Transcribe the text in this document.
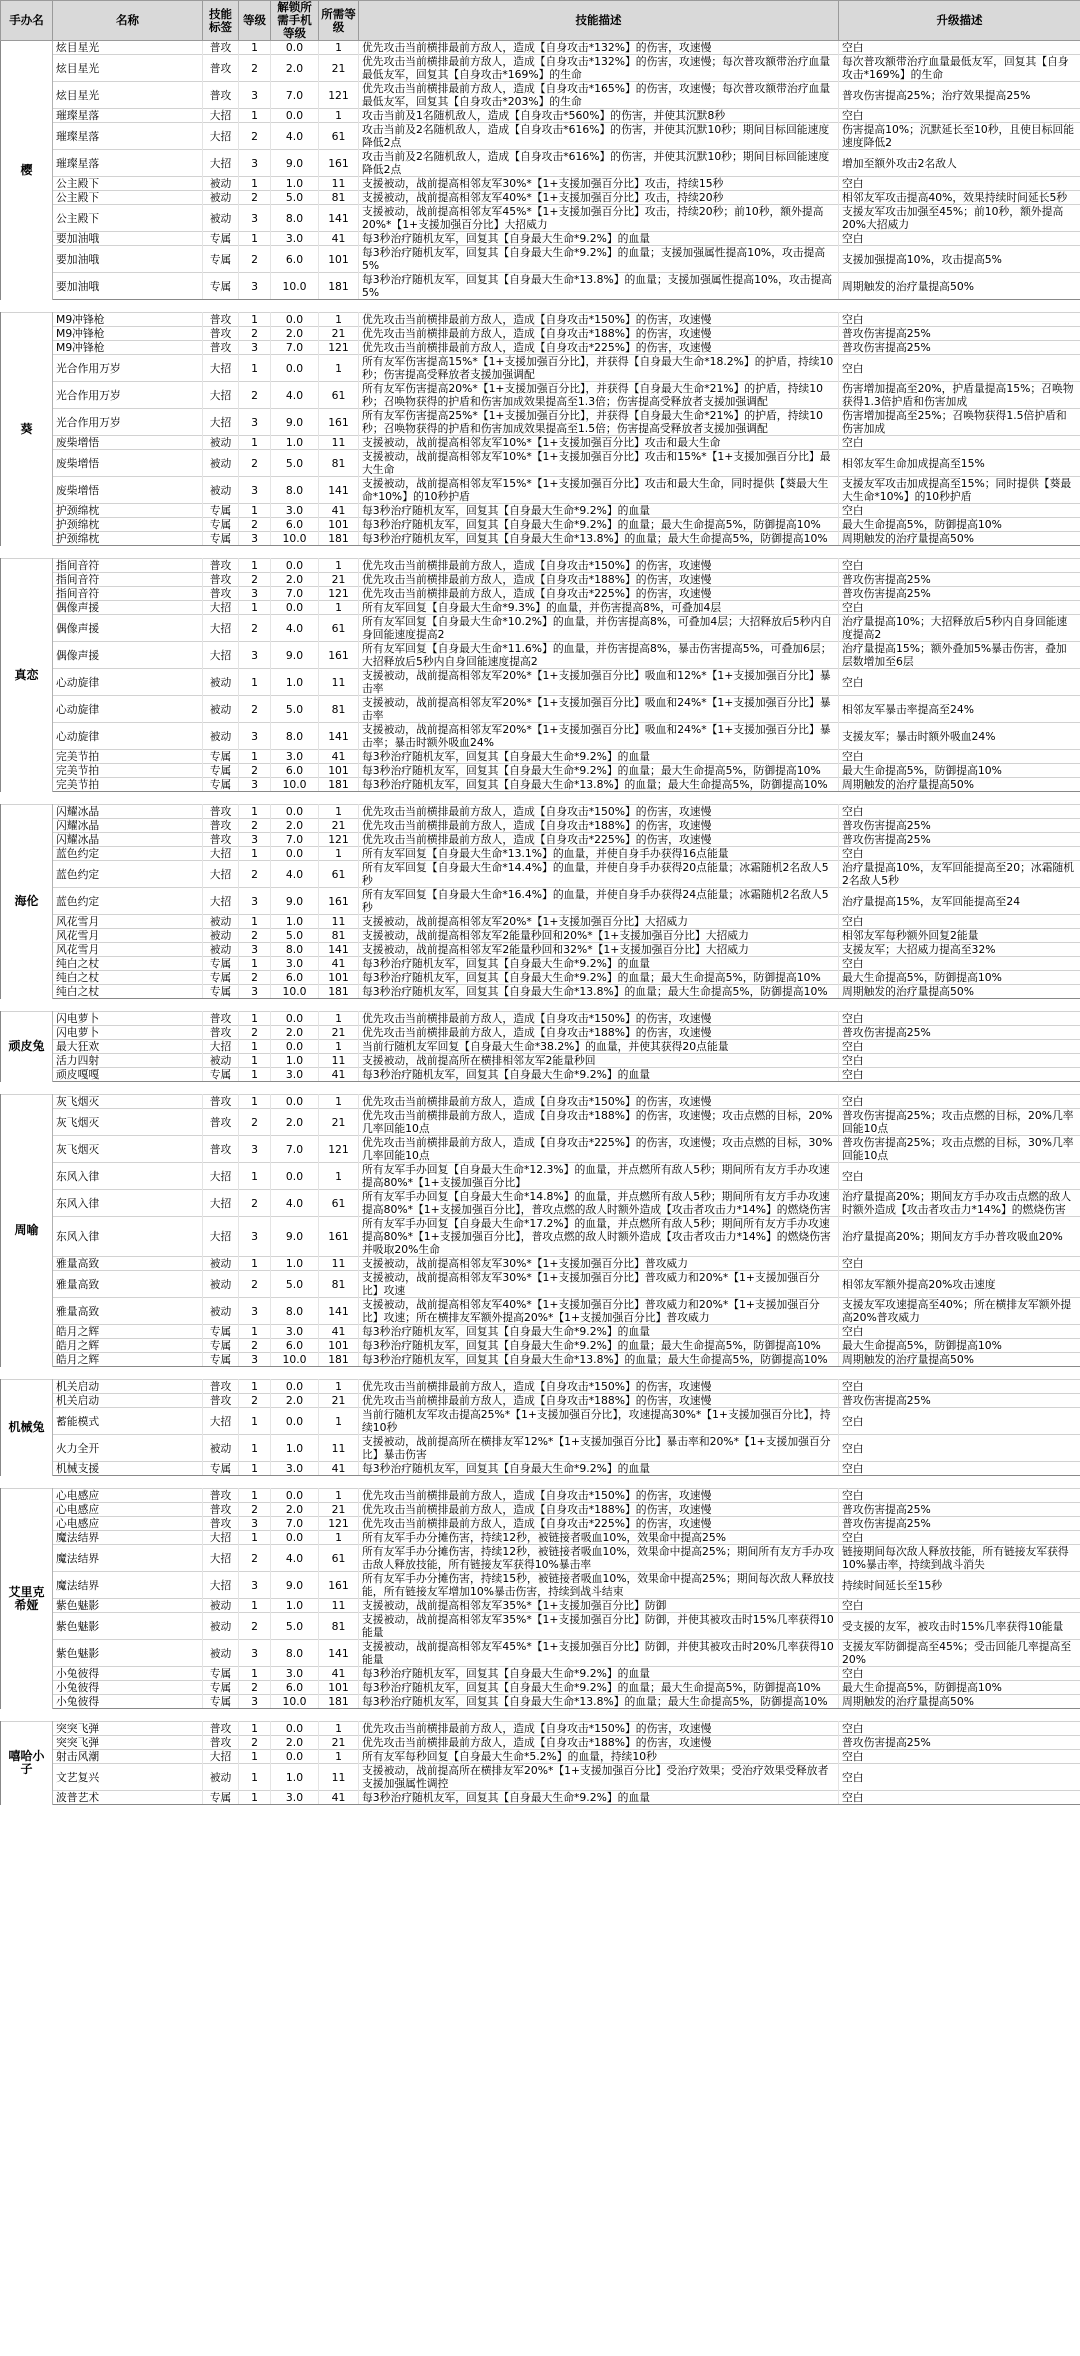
手办名	名称	技能标签	等级	解锁所需手机等级	所需等级	技能描述	升级描述
樱	炫目星光	普攻	1	0.0	1	优先攻击当前横排最前方敌人，造成【自身攻击*132%】的伤害，攻速慢	空白
	炫目星光	普攻	2	2.0	21	优先攻击当前横排最前方敌人，造成【自身攻击*132%】的伤害，攻速慢；每次普攻额带治疗血量最低友军，回复其【自身攻击*169%】的生命	每次普攻额带治疗血量最低友军，回复其【自身攻击*169%】的生命
	炫目星光	普攻	3	7.0	121	优先攻击当前横排最前方敌人，造成【自身攻击*165%】的伤害，攻速慢；每次普攻额带治疗血量最低友军，回复其【自身攻击*203%】的生命	普攻伤害提高25%；治疗效果提高25%
	璀璨星落	大招	1	0.0	1	攻击当前及1名随机敌人，造成【自身攻击*560%】的伤害，并使其沉默8秒	空白
	璀璨星落	大招	2	4.0	61	攻击当前及2名随机敌人，造成【自身攻击*616%】的伤害，并使其沉默10秒；期间目标回能速度降低2点	伤害提高10%；沉默延长至10秒，且使目标回能速度降低2
	璀璨星落	大招	3	9.0	161	攻击当前及2名随机敌人，造成【自身攻击*616%】的伤害，并使其沉默10秒；期间目标回能速度降低2点	增加至额外攻击2名敌人
	公主殿下	被动	1	1.0	11	支援被动，战前提高相邻友军30%*【1+支援加强百分比】攻击，持续15秒	空白
	公主殿下	被动	2	5.0	81	支援被动，战前提高相邻友军40%*【1+支援加强百分比】攻击，持续20秒	相邻友军攻击提高40%，效果持续时间延长5秒
	公主殿下	被动	3	8.0	141	支援被动，战前提高相邻友军45%*【1+支援加强百分比】攻击，持续20秒；前10秒，额外提高20%*【1+支援加强百分比】大招威力	支援友军攻击加强至45%；前10秒，额外提高20%大招威力
	要加油哦	专属	1	3.0	41	每3秒治疗随机友军，回复其【自身最大生命*9.2%】的血量	空白
	要加油哦	专属	2	6.0	101	每3秒治疗随机友军，回复其【自身最大生命*9.2%】的血量；支援加强属性提高10%，攻击提高5%	支援加强提高10%，攻击提高5%
	要加油哦	专属	3	10.0	181	每3秒治疗随机友军，回复其【自身最大生命*13.8%】的血量；支援加强属性提高10%，攻击提高5%	周期触发的治疗量提高50%

葵	M9冲锋枪	普攻	1	0.0	1	优先攻击当前横排最前方敌人，造成【自身攻击*150%】的伤害，攻速慢	空白
	M9冲锋枪	普攻	2	2.0	21	优先攻击当前横排最前方敌人，造成【自身攻击*188%】的伤害，攻速慢	普攻伤害提高25%
	M9冲锋枪	普攻	3	7.0	121	优先攻击当前横排最前方敌人，造成【自身攻击*225%】的伤害，攻速慢	普攻伤害提高25%
	光合作用万岁	大招	1	0.0	1	所有友军伤害提高15%*【1+支援加强百分比】，并获得【自身最大生命*18.2%】的护盾，持续10秒；伤害提高受释放者支援加强调配	空白
	光合作用万岁	大招	2	4.0	61	所有友军伤害提高20%*【1+支援加强百分比】，并获得【自身最大生命*21%】的护盾，持续10秒；召唤物获得的护盾和伤害加成效果提高至1.3倍；伤害提高受释放者支援加强调配	伤害增加提高至20%，护盾量提高15%；召唤物获得1.3倍护盾和伤害加成
	光合作用万岁	大招	3	9.0	161	所有友军伤害提高25%*【1+支援加强百分比】，并获得【自身最大生命*21%】的护盾，持续10秒；召唤物获得的护盾和伤害加成效果提高至1.5倍；伤害提高受释放者支援加强调配	伤害增加提高至25%；召唤物获得1.5倍护盾和伤害加成
	废柴增悟	被动	1	1.0	11	支援被动，战前提高相邻友军10%*【1+支援加强百分比】攻击和最大生命	空白
	废柴增悟	被动	2	5.0	81	支援被动，战前提高相邻友军10%*【1+支援加强百分比】攻击和15%*【1+支援加强百分比】最大生命	相邻友军生命加成提高至15%
	废柴增悟	被动	3	8.0	141	支援被动，战前提高相邻友军15%*【1+支援加强百分比】攻击和最大生命，同时提供【葵最大生命*10%】的10秒护盾	支援友军攻击加成提高至15%；同时提供【葵最大生命*10%】的10秒护盾
	护颈绵枕	专属	1	3.0	41	每3秒治疗随机友军，回复其【自身最大生命*9.2%】的血量	空白
	护颈绵枕	专属	2	6.0	101	每3秒治疗随机友军，回复其【自身最大生命*9.2%】的血量；最大生命提高5%，防御提高10%	最大生命提高5%，防御提高10%
	护颈绵枕	专属	3	10.0	181	每3秒治疗随机友军，回复其【自身最大生命*13.8%】的血量；最大生命提高5%，防御提高10%	周期触发的治疗量提高50%

真恋	指间音符	普攻	1	0.0	1	优先攻击当前横排最前方敌人，造成【自身攻击*150%】的伤害，攻速慢	空白
	指间音符	普攻	2	2.0	21	优先攻击当前横排最前方敌人，造成【自身攻击*188%】的伤害，攻速慢	普攻伤害提高25%
	指间音符	普攻	3	7.0	121	优先攻击当前横排最前方敌人，造成【自身攻击*225%】的伤害，攻速慢	普攻伤害提高25%
	偶像声援	大招	1	0.0	1	所有友军回复【自身最大生命*9.3%】的血量，并伤害提高8%，可叠加4层	空白
	偶像声援	大招	2	4.0	61	所有友军回复【自身最大生命*10.2%】的血量，并伤害提高8%，可叠加4层；大招释放后5秒内自身回能速度提高2	治疗量提高10%；大招释放后5秒内自身回能速度提高2
	偶像声援	大招	3	9.0	161	所有友军回复【自身最大生命*11.6%】的血量，并伤害提高8%，暴击伤害提高5%，可叠加6层；大招释放后5秒内自身回能速度提高2	治疗量提高15%；额外叠加5%暴击伤害，叠加层数增加至6层
	心动旋律	被动	1	1.0	11	支援被动，战前提高相邻友军20%*【1+支援加强百分比】吸血和12%*【1+支援加强百分比】暴击率	空白
	心动旋律	被动	2	5.0	81	支援被动，战前提高相邻友军20%*【1+支援加强百分比】吸血和24%*【1+支援加强百分比】暴击率	相邻友军暴击率提高至24%
	心动旋律	被动	3	8.0	141	支援被动，战前提高相邻友军20%*【1+支援加强百分比】吸血和24%*【1+支援加强百分比】暴击率；暴击时额外吸血24%	支援友军；暴击时额外吸血24%
	完美节拍	专属	1	3.0	41	每3秒治疗随机友军，回复其【自身最大生命*9.2%】的血量	空白
	完美节拍	专属	2	6.0	101	每3秒治疗随机友军，回复其【自身最大生命*9.2%】的血量；最大生命提高5%，防御提高10%	最大生命提高5%，防御提高10%
	完美节拍	专属	3	10.0	181	每3秒治疗随机友军，回复其【自身最大生命*13.8%】的血量；最大生命提高5%，防御提高10%	周期触发的治疗量提高50%

海伦	闪耀冰晶	普攻	1	0.0	1	优先攻击当前横排最前方敌人，造成【自身攻击*150%】的伤害，攻速慢	空白
	闪耀冰晶	普攻	2	2.0	21	优先攻击当前横排最前方敌人，造成【自身攻击*188%】的伤害，攻速慢	普攻伤害提高25%
	闪耀冰晶	普攻	3	7.0	121	优先攻击当前横排最前方敌人，造成【自身攻击*225%】的伤害，攻速慢	普攻伤害提高25%
	蓝色约定	大招	1	0.0	1	所有友军回复【自身最大生命*13.1%】的血量，并使自身手办获得16点能量	空白
	蓝色约定	大招	2	4.0	61	所有友军回复【自身最大生命*14.4%】的血量，并使自身手办获得20点能量；冰霜随机2名敌人5秒	治疗量提高10%，友军回能提高至20；冰霜随机2名敌人5秒
	蓝色约定	大招	3	9.0	161	所有友军回复【自身最大生命*16.4%】的血量，并使自身手办获得24点能量；冰霜随机2名敌人5秒	治疗量提高15%，友军回能提高至24
	风花雪月	被动	1	1.0	11	支援被动，战前提高相邻友军20%*【1+支援加强百分比】大招威力	空白
	风花雪月	被动	2	5.0	81	支援被动，战前提高相邻友军2能量秒回和20%*【1+支援加强百分比】大招威力	相邻友军每秒额外回复2能量
	风花雪月	被动	3	8.0	141	支援被动，战前提高相邻友军2能量秒回和32%*【1+支援加强百分比】大招威力	支援友军；大招威力提高至32%
	纯白之杖	专属	1	3.0	41	每3秒治疗随机友军，回复其【自身最大生命*9.2%】的血量	空白
	纯白之杖	专属	2	6.0	101	每3秒治疗随机友军，回复其【自身最大生命*9.2%】的血量；最大生命提高5%，防御提高10%	最大生命提高5%，防御提高10%
	纯白之杖	专属	3	10.0	181	每3秒治疗随机友军，回复其【自身最大生命*13.8%】的血量；最大生命提高5%，防御提高10%	周期触发的治疗量提高50%

顽皮兔	闪电萝卜	普攻	1	0.0	1	优先攻击当前横排最前方敌人，造成【自身攻击*150%】的伤害，攻速慢	空白
	闪电萝卜	普攻	2	2.0	21	优先攻击当前横排最前方敌人，造成【自身攻击*188%】的伤害，攻速慢	普攻伤害提高25%
	最大狂欢	大招	1	0.0	1	当前行随机友军回复【自身最大生命*38.2%】的血量，并使其获得20点能量	空白
	活力四射	被动	1	1.0	11	支援被动，战前提高所在横排相邻友军2能量秒回	空白
	顽皮嘎嘎	专属	1	3.0	41	每3秒治疗随机友军，回复其【自身最大生命*9.2%】的血量	空白

周喻	灰飞烟灭	普攻	1	0.0	1	优先攻击当前横排最前方敌人，造成【自身攻击*150%】的伤害，攻速慢	空白
	灰飞烟灭	普攻	2	2.0	21	优先攻击当前横排最前方敌人，造成【自身攻击*188%】的伤害，攻速慢；攻击点燃的目标，20%几率回能10点	普攻伤害提高25%；攻击点燃的目标，20%几率回能10点
	灰飞烟灭	普攻	3	7.0	121	优先攻击当前横排最前方敌人，造成【自身攻击*225%】的伤害，攻速慢；攻击点燃的目标，30%几率回能10点	普攻伤害提高25%；攻击点燃的目标，30%几率回能10点
	东风入律	大招	1	0.0	1	所有友军手办回复【自身最大生命*12.3%】的血量，并点燃所有敌人5秒；期间所有友方手办攻速提高80%*【1+支援加强百分比】	空白
	东风入律	大招	2	4.0	61	所有友军手办回复【自身最大生命*14.8%】的血量，并点燃所有敌人5秒；期间所有友方手办攻速提高80%*【1+支援加强百分比】，普攻点燃的敌人时额外造成【攻击者攻击力*14%】的燃烧伤害	治疗量提高20%；期间友方手办攻击点燃的敌人时额外造成【攻击者攻击力*14%】的燃烧伤害
	东风入律	大招	3	9.0	161	所有友军手办回复【自身最大生命*17.2%】的血量，并点燃所有敌人5秒；期间所有友方手办攻速提高80%*【1+支援加强百分比】，普攻点燃的敌人时额外造成【攻击者攻击力*14%】的燃烧伤害并吸取20%生命	治疗量提高20%；期间友方手办普攻吸血20%
	雅量高致	被动	1	1.0	11	支援被动，战前提高相邻友军30%*【1+支援加强百分比】普攻威力	空白
	雅量高致	被动	2	5.0	81	支援被动，战前提高相邻友军30%*【1+支援加强百分比】普攻威力和20%*【1+支援加强百分比】攻速	相邻友军额外提高20%攻击速度
	雅量高致	被动	3	8.0	141	支援被动，战前提高相邻友军40%*【1+支援加强百分比】普攻威力和20%*【1+支援加强百分比】攻速；所在横排友军额外提高20%*【1+支援加强百分比】普攻威力	支援友军攻速提高至40%；所在横排友军额外提高20%普攻威力
	皓月之辉	专属	1	3.0	41	每3秒治疗随机友军，回复其【自身最大生命*9.2%】的血量	空白
	皓月之辉	专属	2	6.0	101	每3秒治疗随机友军，回复其【自身最大生命*9.2%】的血量；最大生命提高5%，防御提高10%	最大生命提高5%，防御提高10%
	皓月之辉	专属	3	10.0	181	每3秒治疗随机友军，回复其【自身最大生命*13.8%】的血量；最大生命提高5%，防御提高10%	周期触发的治疗量提高50%

机械兔	机关启动	普攻	1	0.0	1	优先攻击当前横排最前方敌人，造成【自身攻击*150%】的伤害，攻速慢	空白
	机关启动	普攻	2	2.0	21	优先攻击当前横排最前方敌人，造成【自身攻击*188%】的伤害，攻速慢	普攻伤害提高25%
	蓄能模式	大招	1	0.0	1	当前行随机友军攻击提高25%*【1+支援加强百分比】，攻速提高30%*【1+支援加强百分比】，持续10秒	空白
	火力全开	被动	1	1.0	11	支援被动，战前提高所在横排友军12%*【1+支援加强百分比】暴击率和20%*【1+支援加强百分比】暴击伤害	空白
	机械支援	专属	1	3.0	41	每3秒治疗随机友军，回复其【自身最大生命*9.2%】的血量	空白

艾里克希娅	心电感应	普攻	1	0.0	1	优先攻击当前横排最前方敌人，造成【自身攻击*150%】的伤害，攻速慢	空白
	心电感应	普攻	2	2.0	21	优先攻击当前横排最前方敌人，造成【自身攻击*188%】的伤害，攻速慢	普攻伤害提高25%
	心电感应	普攻	3	7.0	121	优先攻击当前横排最前方敌人，造成【自身攻击*225%】的伤害，攻速慢	普攻伤害提高25%
	魔法结界	大招	1	0.0	1	所有友军手办分摊伤害，持续12秒，被链接者吸血10%，效果命中提高25%	空白
	魔法结界	大招	2	4.0	61	所有友军手办分摊伤害，持续12秒，被链接者吸血10%，效果命中提高25%；期间所有友方手办攻击敌人释放技能，所有链接友军获得10%暴击率	链接期间每次敌人释放技能，所有链接友军获得10%暴击率，持续到战斗消失
	魔法结界	大招	3	9.0	161	所有友军手办分摊伤害，持续15秒，被链接者吸血10%，效果命中提高25%；期间每次敌人释放技能，所有链接友军增加10%暴击伤害，持续到战斗结束	持续时间延长至15秒
	紫色魅影	被动	1	1.0	11	支援被动，战前提高相邻友军35%*【1+支援加强百分比】防御	空白
	紫色魅影	被动	2	5.0	81	支援被动，战前提高相邻友军35%*【1+支援加强百分比】防御，并使其被攻击时15%几率获得10能量	受支援的友军，被攻击时15%几率获得10能量
	紫色魅影	被动	3	8.0	141	支援被动，战前提高相邻友军45%*【1+支援加强百分比】防御，并使其被攻击时20%几率获得10能量	支援友军防御提高至45%；受击回能几率提高至20%
	小兔彼得	专属	1	3.0	41	每3秒治疗随机友军，回复其【自身最大生命*9.2%】的血量	空白
	小兔彼得	专属	2	6.0	101	每3秒治疗随机友军，回复其【自身最大生命*9.2%】的血量；最大生命提高5%，防御提高10%	最大生命提高5%，防御提高10%
	小兔彼得	专属	3	10.0	181	每3秒治疗随机友军，回复其【自身最大生命*13.8%】的血量；最大生命提高5%，防御提高10%	周期触发的治疗量提高50%

嘻哈小子	突突飞弹	普攻	1	0.0	1	优先攻击当前横排最前方敌人，造成【自身攻击*150%】的伤害，攻速慢	空白
	突突飞弹	普攻	2	2.0	21	优先攻击当前横排最前方敌人，造成【自身攻击*188%】的伤害，攻速慢	普攻伤害提高25%
	射击风潮	大招	1	0.0	1	所有友军每秒回复【自身最大生命*5.2%】的血量，持续10秒	空白
	文艺复兴	被动	1	1.0	11	支援被动，战前提高所在横排友军20%*【1+支援加强百分比】受治疗效果；受治疗效果受释放者支援加强属性调控	空白
	波普艺术	专属	1	3.0	41	每3秒治疗随机友军，回复其【自身最大生命*9.2%】的血量	空白
